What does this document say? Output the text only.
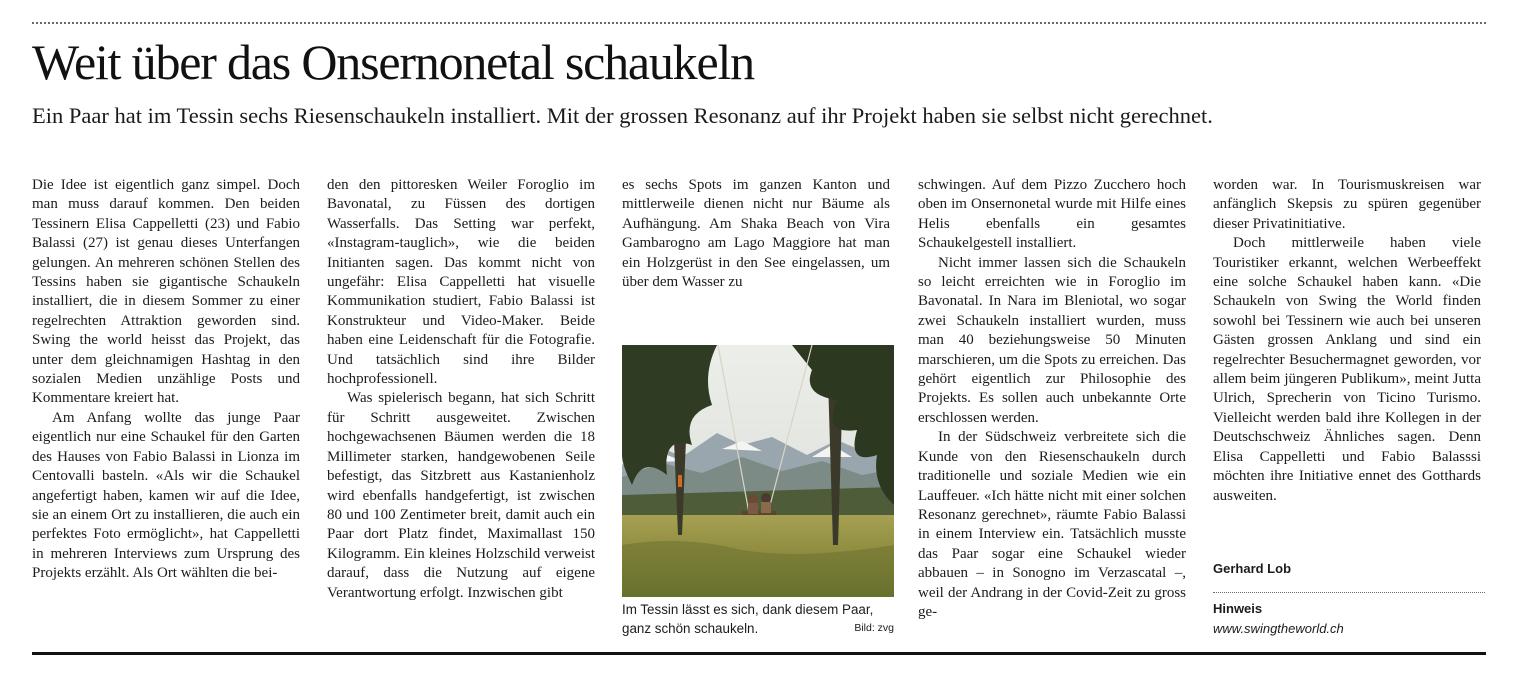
Weit über das Onsernonetal schaukeln

Ein Paar hat im Tessin sechs Riesenschaukeln installiert. Mit der grossen Resonanz auf ihr Projekt haben sie selbst nicht gerechnet.

Die Idee ist eigentlich ganz simpel. Doch man muss darauf kommen. Den beiden Tessinern Elisa Cappelletti (23) und Fabio Balassi (27) ist genau dieses Unterfangen gelungen. An mehreren schönen Stellen des Tessins haben sie gigantische Schaukeln installiert, die in diesem Sommer zu einer regelrechten Attraktion geworden sind. Swing the world heisst das Projekt, das unter dem gleichnamigen Hashtag in den sozialen Medien unzählige Posts und Kommentare kreiert hat.

Am Anfang wollte das junge Paar eigentlich nur eine Schaukel für den Garten des Hauses von Fabio Balassi in Lionza im Centovalli basteln. «Als wir die Schaukel angefertigt haben, kamen wir auf die Idee, sie an einem Ort zu installieren, die auch ein perfektes Foto ermöglicht», hat Cappelletti in mehreren Interviews zum Ursprung des Projekts erzählt. Als Ort wählten die bei-

den den pittoresken Weiler Foroglio im Bavonatal, zu Füssen des dortigen Wasserfalls. Das Setting war perfekt, «Instagram-tauglich», wie die beiden Initianten sagen. Das kommt nicht von ungefähr: Elisa Cappelletti hat visuelle Kommunikation studiert, Fabio Balassi ist Konstrukteur und Video-Maker. Beide haben eine Leidenschaft für die Fotografie. Und tatsächlich sind ihre Bilder hochprofessionell.

Was spielerisch begann, hat sich Schritt für Schritt ausgeweitet. Zwischen hochgewachsenen Bäumen werden die 18 Millimeter starken, handgewobenen Seile befestigt, das Sitzbrett aus Kastanienholz wird ebenfalls handgefertigt, ist zwischen 80 und 100 Zentimeter breit, damit auch ein Paar dort Platz findet, Maximallast 150 Kilogramm. Ein kleines Holzschild verweist darauf, dass die Nutzung auf eigene Verantwortung erfolgt. Inzwischen gibt

es sechs Spots im ganzen Kanton und mittlerweile dienen nicht nur Bäume als Aufhängung. Am Shaka Beach von Vira Gambarogno am Lago Maggiore hat man ein Holzgerüst in den See eingelassen, um über dem Wasser zu

Im Tessin lässt es sich, dank diesem Paar, ganz schön schaukeln.	Bild: zvg

schwingen. Auf dem Pizzo Zucchero hoch oben im Onsernonetal wurde mit Hilfe eines Helis ebenfalls ein gesamtes Schaukelgestell installiert.

Nicht immer lassen sich die Schaukeln so leicht erreichten wie in Foroglio im Bavonatal. In Nara im Bleniotal, wo sogar zwei Schaukeln installiert wurden, muss man 40 beziehungsweise 50 Minuten marschieren, um die Spots zu erreichen. Das gehört eigentlich zur Philosophie des Projekts. Es sollen auch unbekannte Orte erschlossen werden.

In der Südschweiz verbreitete sich die Kunde von den Riesenschaukeln durch traditionelle und soziale Medien wie ein Lauffeuer. «Ich hätte nicht mit einer solchen Resonanz gerechnet», räumte Fabio Balassi in einem Interview ein. Tatsächlich musste das Paar sogar eine Schaukel wieder abbauen – in Sonogno im Verzascatal –, weil der Andrang in der Covid-Zeit zu gross ge-

worden war. In Tourismuskreisen war anfänglich Skepsis zu spüren gegenüber dieser Privatinitiative.

Doch mittlerweile haben viele Touristiker erkannt, welchen Werbeeffekt eine solche Schaukel haben kann. «Die Schaukeln von Swing the World finden sowohl bei Tessinern wie auch bei unseren Gästen grossen Anklang und sind ein regelrechter Besuchermagnet geworden, vor allem beim jüngeren Publikum», meint Jutta Ulrich, Sprecherin von Ticino Turismo. Vielleicht werden bald ihre Kollegen in der Deutschschweiz Ähnliches sagen. Denn Elisa Cappelletti und Fabio Balasssi möchten ihre Initiative ennet des Gotthards ausweiten.

Gerhard Lob
Hinweis
www.swingtheworld.ch
